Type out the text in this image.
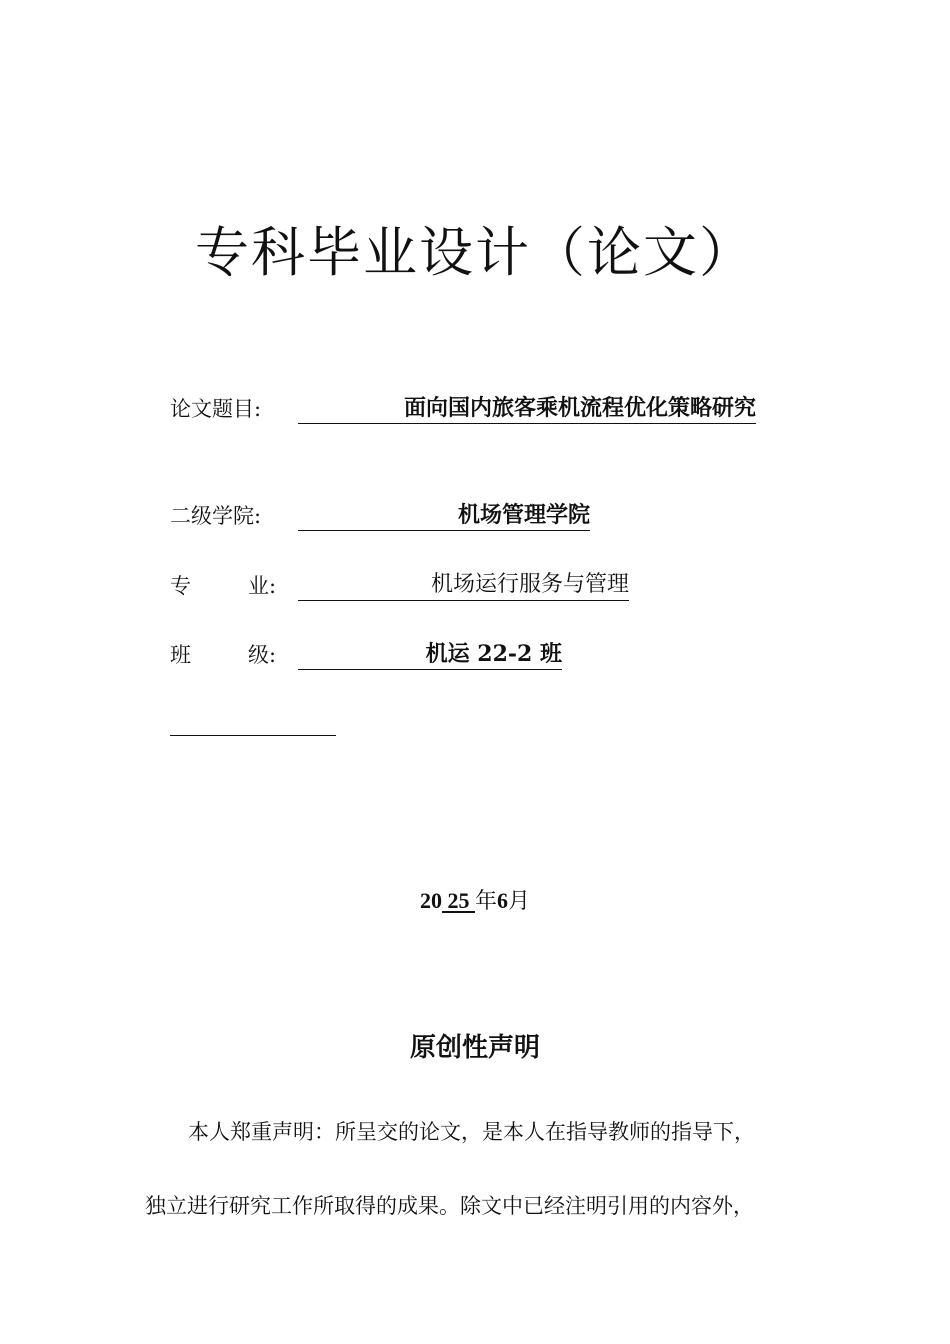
专科毕业设计（论文）
论文题目:	面向国内旅客乘机流程优化策略研究
二级学院:	机场管理学院
专	业:	机场运行服务与管理
班	级:	机运 22-2 班
20 25 年6月
原创性声明
本人郑重声明：所呈交的论文，是本人在指导教师的指导下，
独立进行研究工作所取得的成果。除文中已经注明引用的内容外，
